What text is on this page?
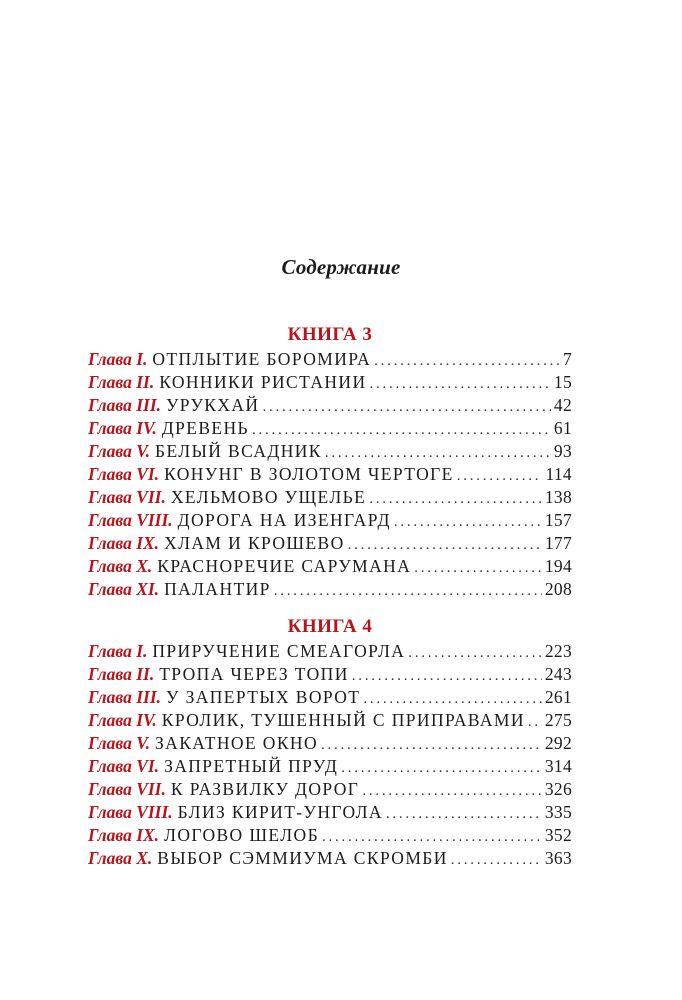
Содержание
КНИГА 3
Глава I. ОТПЛЫТИЕ БОРОМИРА . . .	7
Глава II. КОННИКИ РИСТАНИИ . . .	15
Глава III. УРУКХАЙ . . .	42
Глава IV. ДРЕВЕНЬ . . .	61
Глава V. БЕЛЫЙ ВСАДНИК . . .	93
Глава VI. КОНУНГ В ЗОЛОТОМ ЧЕРТОГЕ . . .	114
Глава VII. ХЕЛЬМОВО УЩЕЛЬЕ . . .	138
Глава VIII. ДОРОГА НА ИЗЕНГАРД . . .	157
Глава IX. ХЛАМ И КРОШЕВО . . .	177
Глава X. КРАСНОРЕЧИЕ САРУМАНА . . .	194
Глава XI. ПАЛАНТИР . . .	208
КНИГА 4
Глава I. ПРИРУЧЕНИЕ СМЕАГОРЛА . . .	223
Глава II. ТРОПА ЧЕРЕЗ ТОПИ . . .	243
Глава III. У ЗАПЕРТЫХ ВОРОТ . . .	261
Глава IV. КРОЛИК, ТУШЕННЫЙ С ПРИПРАВАМИ . . . 275
Глава V. ЗАКАТНОЕ ОКНО . . .	292
Глава VI. ЗАПРЕТНЫЙ ПРУД . . .	314
Глава VII. К РАЗВИЛКУ ДОРОГ . . .	326
Глава VIII. БЛИЗ КИРИТ-УНГОЛА . . .	335
Глава IX. ЛОГОВО ШЕЛОБ . . .	352
Глава X. ВЫБОР СЭММИУМА СКРОМБИ . . .	363
